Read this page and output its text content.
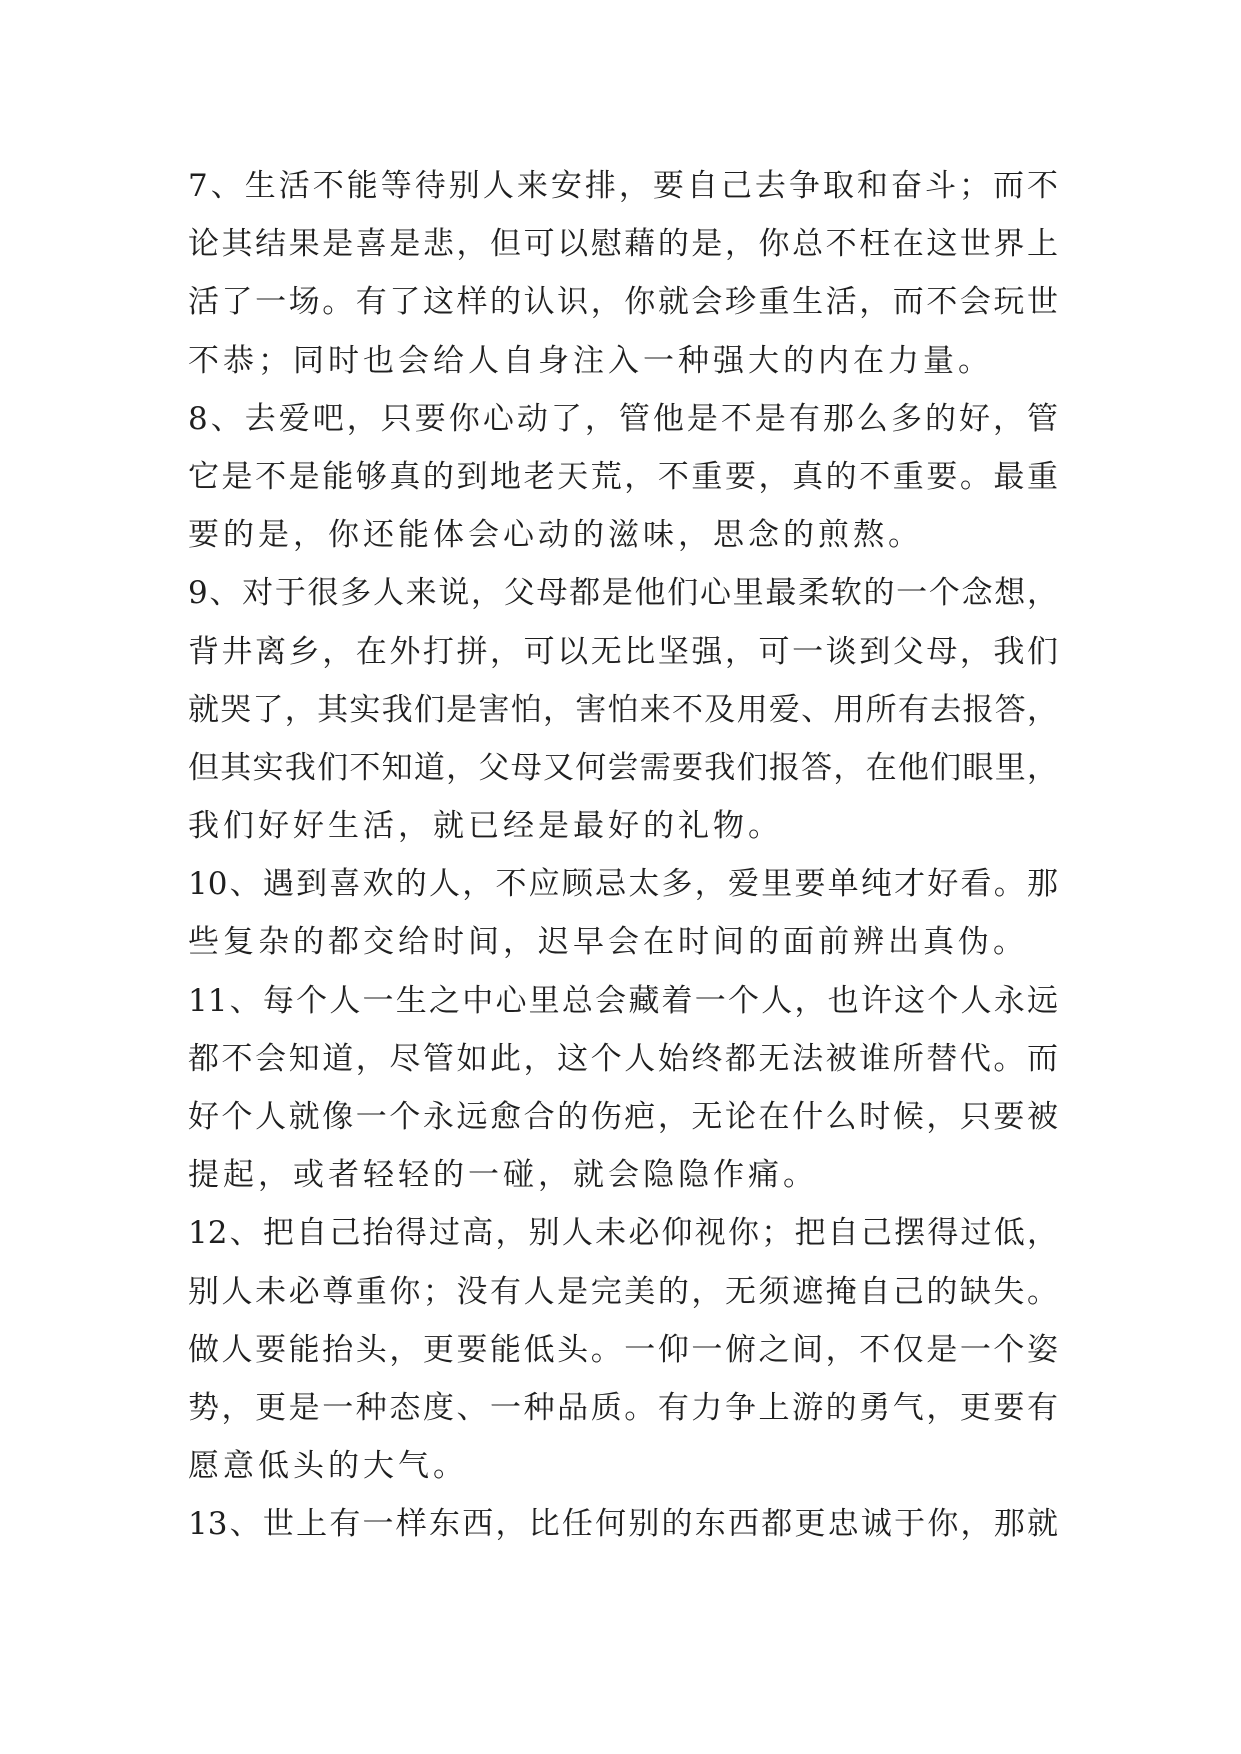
7、生活不能等待别人来安排，要自己去争取和奋斗；而不
论其结果是喜是悲，但可以慰藉的是，你总不枉在这世界上
活了一场。有了这样的认识，你就会珍重生活，而不会玩世
不恭；同时也会给人自身注入一种强大的内在力量。
8、去爱吧，只要你心动了，管他是不是有那么多的好，管
它是不是能够真的到地老天荒，不重要，真的不重要。最重
要的是，你还能体会心动的滋味，思念的煎熬。
9、对于很多人来说，父母都是他们心里最柔软的一个念想，
背井离乡，在外打拼，可以无比坚强，可一谈到父母，我们
就哭了，其实我们是害怕，害怕来不及用爱、用所有去报答，
但其实我们不知道，父母又何尝需要我们报答，在他们眼里，
我们好好生活，就已经是最好的礼物。
10、遇到喜欢的人，不应顾忌太多，爱里要单纯才好看。那
些复杂的都交给时间，迟早会在时间的面前辨出真伪。
11、每个人一生之中心里总会藏着一个人，也许这个人永远
都不会知道，尽管如此，这个人始终都无法被谁所替代。而
好个人就像一个永远愈合的伤疤，无论在什么时候，只要被
提起，或者轻轻的一碰，就会隐隐作痛。
12、把自己抬得过高，别人未必仰视你；把自己摆得过低，
别人未必尊重你；没有人是完美的，无须遮掩自己的缺失。
做人要能抬头，更要能低头。一仰一俯之间，不仅是一个姿
势，更是一种态度、一种品质。有力争上游的勇气，更要有
愿意低头的大气。
13、世上有一样东西，比任何别的东西都更忠诚于你，那就
